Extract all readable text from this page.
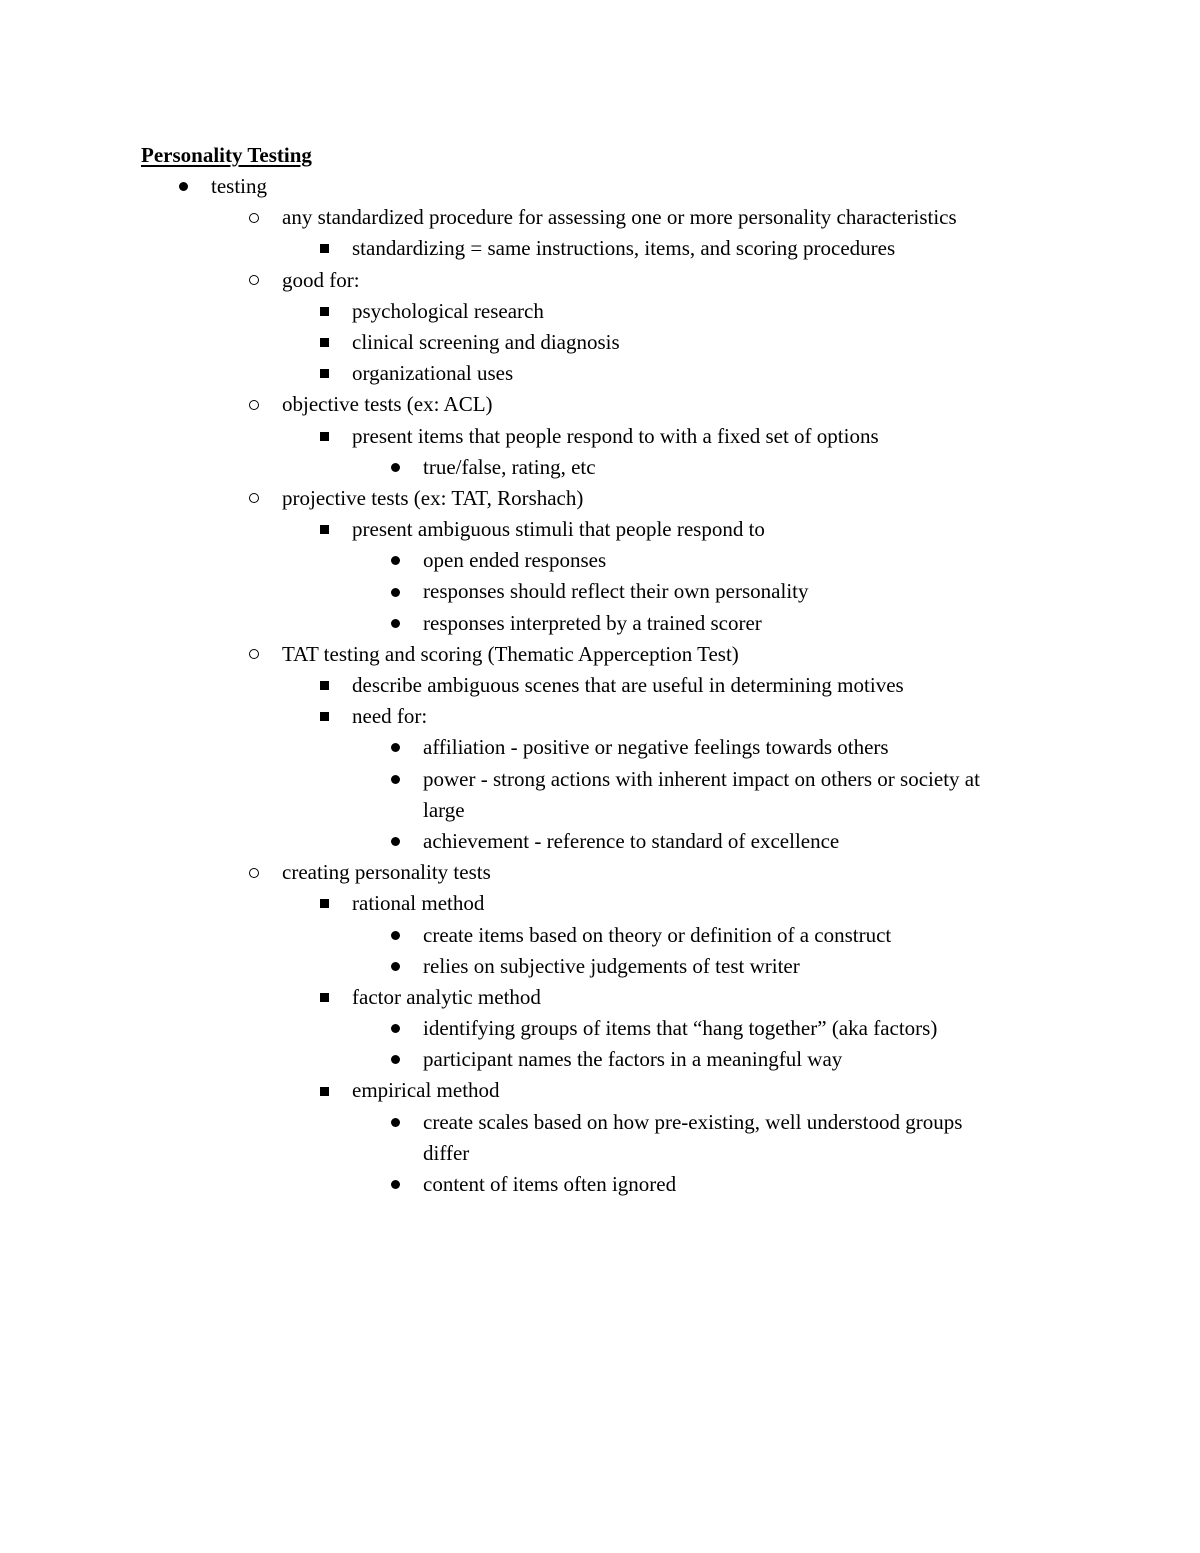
Personality Testing
testing
any standardized procedure for assessing one or more personality characteristics
standardizing = same instructions, items, and scoring procedures
good for:
psychological research
clinical screening and diagnosis
organizational uses
objective tests (ex: ACL)
present items that people respond to with a fixed set of options
true/false, rating, etc
projective tests (ex: TAT, Rorshach)
present ambiguous stimuli that people respond to
open ended responses
responses should reflect their own personality
responses interpreted by a trained scorer
TAT testing and scoring (Thematic Apperception Test)
describe ambiguous scenes that are useful in determining motives
need for:
affiliation - positive or negative feelings towards others
power - strong actions with inherent impact on others or society at
large
achievement - reference to standard of excellence
creating personality tests
rational method
create items based on theory or definition of a construct
relies on subjective judgements of test writer
factor analytic method
identifying groups of items that “hang together” (aka factors)
participant names the factors in a meaningful way
empirical method
create scales based on how pre-existing, well understood groups
differ
content of items often ignored
